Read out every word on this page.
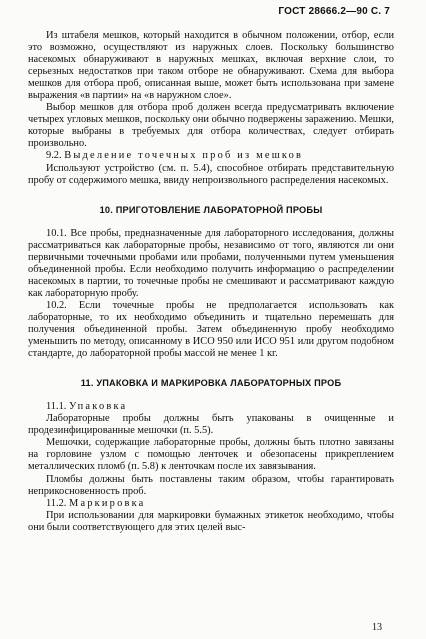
ГОСТ 28666.2—90 С. 7

Из штабеля мешков, который находится в обычном положении, отбор, если это возможно, осуществляют из наружных слоев. Поскольку большинство насекомых обнаруживают в наружных мешках, включая верхние слои, то серьезных недостатков при таком отборе не обнаруживают. Схема для выбора мешков для отбора проб, описанная выше, может быть использована при замене выражения «в партии» на «в наружном слое».

Выбор мешков для отбора проб должен всегда предусматривать включение четырех угловых мешков, поскольку они обычно подвержены заражению. Мешки, которые выбраны в требуемых для отбора количествах, следует отбирать произвольно.

9.2. Выделение точечных проб из мешков

Используют устройство (см. п. 5.4), способное отбирать представительную пробу от содержимого мешка, ввиду непроизвольного распределения насекомых.

10. ПРИГОТОВЛЕНИЕ ЛАБОРАТОРНОЙ ПРОБЫ

10.1. Все пробы, предназначенные для лабораторного исследования, должны рассматриваться как лабораторные пробы, независимо от того, являются ли они первичными точечными пробами или пробами, полученными путем уменьшения объединенной пробы. Если необходимо получить информацию о распределении насекомых в партии, то точечные пробы не смешивают и рассматривают каждую как лабораторную пробу.

10.2. Если точечные пробы не предполагается использовать как лабораторные, то их необходимо объединить и тщательно перемешать для получения объединенной пробы. Затем объединенную пробу необходимо уменьшить по методу, описанному в ИСО 950 или ИСО 951 или другом подобном стандарте, до лабораторной пробы массой не менее 1 кг.

11. УПАКОВКА И МАРКИРОВКА ЛАБОРАТОРНЫХ ПРОБ

11.1. Упаковка

Лабораторные пробы должны быть упакованы в очищенные и продезинфицированные мешочки (п. 5.5).

Мешочки, содержащие лабораторные пробы, должны быть плотно завязаны на горловине узлом с помощью ленточек и обезопасены прикреплением металлических пломб (п. 5.8) к ленточкам после их завязывания.

Пломбы должны быть поставлены таким образом, чтобы гарантировать неприкосновенность проб.

11.2. Маркировка

При использовании для маркировки бумажных этикеток необходимо, чтобы они были соответствующего для этих целей выс-

13
